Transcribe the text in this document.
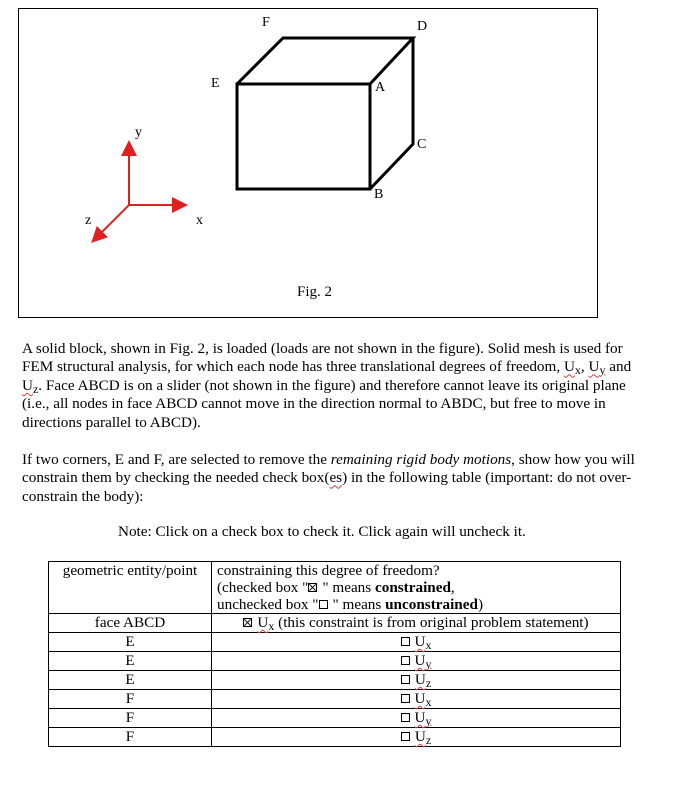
F	D
E	A
C
B
y
x
z
Fig. 2

A solid block, shown in Fig. 2, is loaded (loads are not shown in the figure). Solid mesh is used for FEM structural analysis, for which each node has three translational degrees of freedom, Ux, Uy and Uz. Face ABCD is on a slider (not shown in the figure) and therefore cannot leave its original plane (i.e., all nodes in face ABCD cannot move in the direction normal to ABDC, but free to move in directions parallel to ABCD).

If two corners, E and F, are selected to remove the remaining rigid body motions, show how you will constrain them by checking the needed check box(es) in the following table (important: do not over-constrain the body):

Note: Click on a check box to check it. Click again will uncheck it.

geometric entity/point	constraining this degree of freedom?
(checked box " " means constrained,
unchecked box " " means unconstrained)

face ABCD	Ux (this constraint is from original problem statement)
E	Ux
E	Uy
E	Uz
F	Ux
F	Uy
F	Uz
